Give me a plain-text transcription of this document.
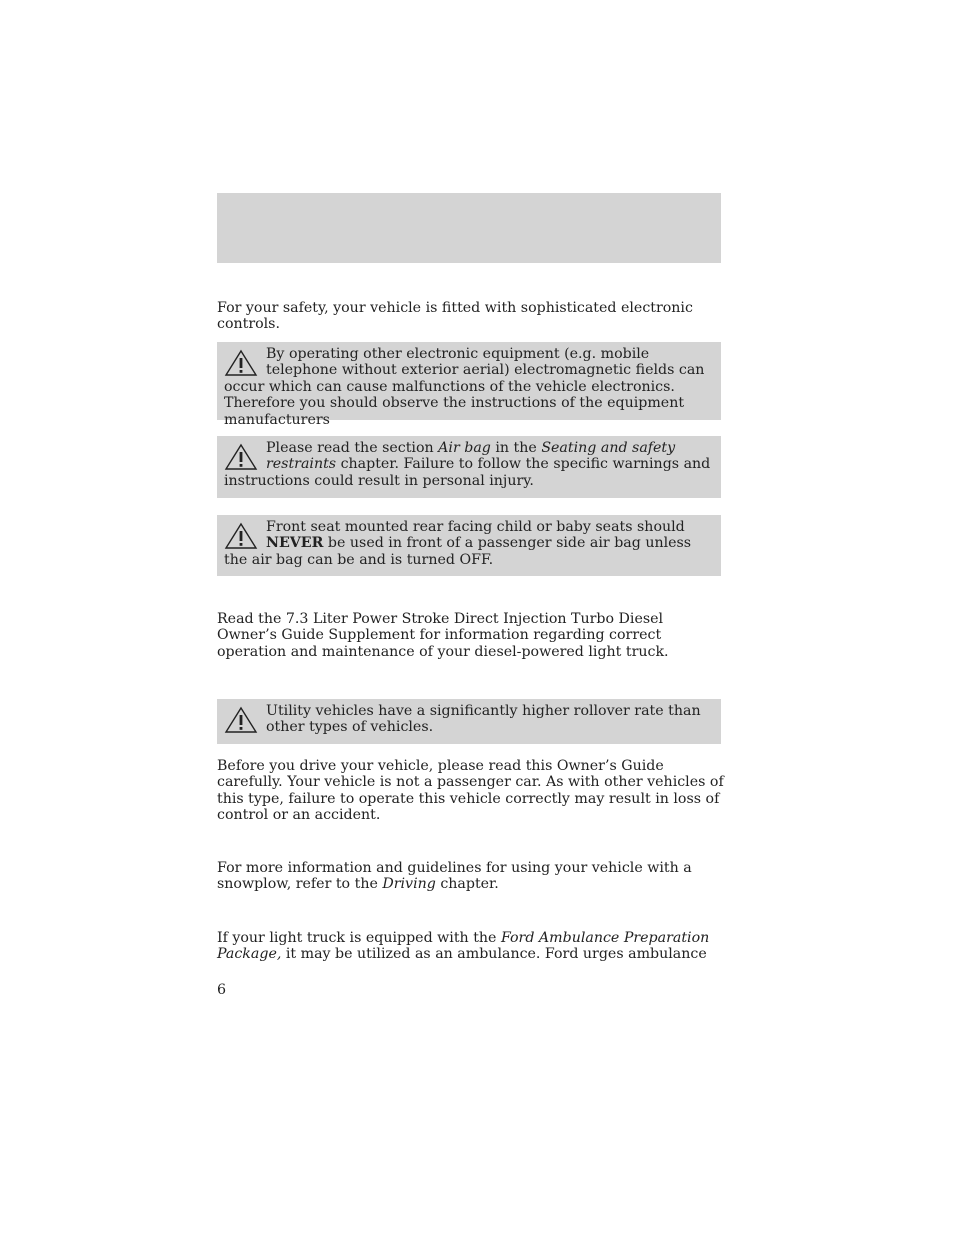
For your safety, your vehicle is fitted with sophisticated electronic controls.

By operating other electronic equipment (e.g. mobile telephone without exterior aerial) electromagnetic fields can occur which can cause malfunctions of the vehicle electronics. Therefore you should observe the instructions of the equipment manufacturers

Please read the section Air bag in the Seating and safety restraints chapter. Failure to follow the specific warnings and instructions could result in personal injury.

Front seat mounted rear facing child or baby seats should NEVER be used in front of a passenger side air bag unless the air bag can be and is turned OFF.

Read the 7.3 Liter Power Stroke Direct Injection Turbo Diesel Owner’s Guide Supplement for information regarding correct operation and maintenance of your diesel-powered light truck.

Utility vehicles have a significantly higher rollover rate than other types of vehicles.

Before you drive your vehicle, please read this Owner’s Guide carefully. Your vehicle is not a passenger car. As with other vehicles of this type, failure to operate this vehicle correctly may result in loss of control or an accident.

For more information and guidelines for using your vehicle with a snowplow, refer to the Driving chapter.

If your light truck is equipped with the Ford Ambulance Preparation Package, it may be utilized as an ambulance. Ford urges ambulance

6
